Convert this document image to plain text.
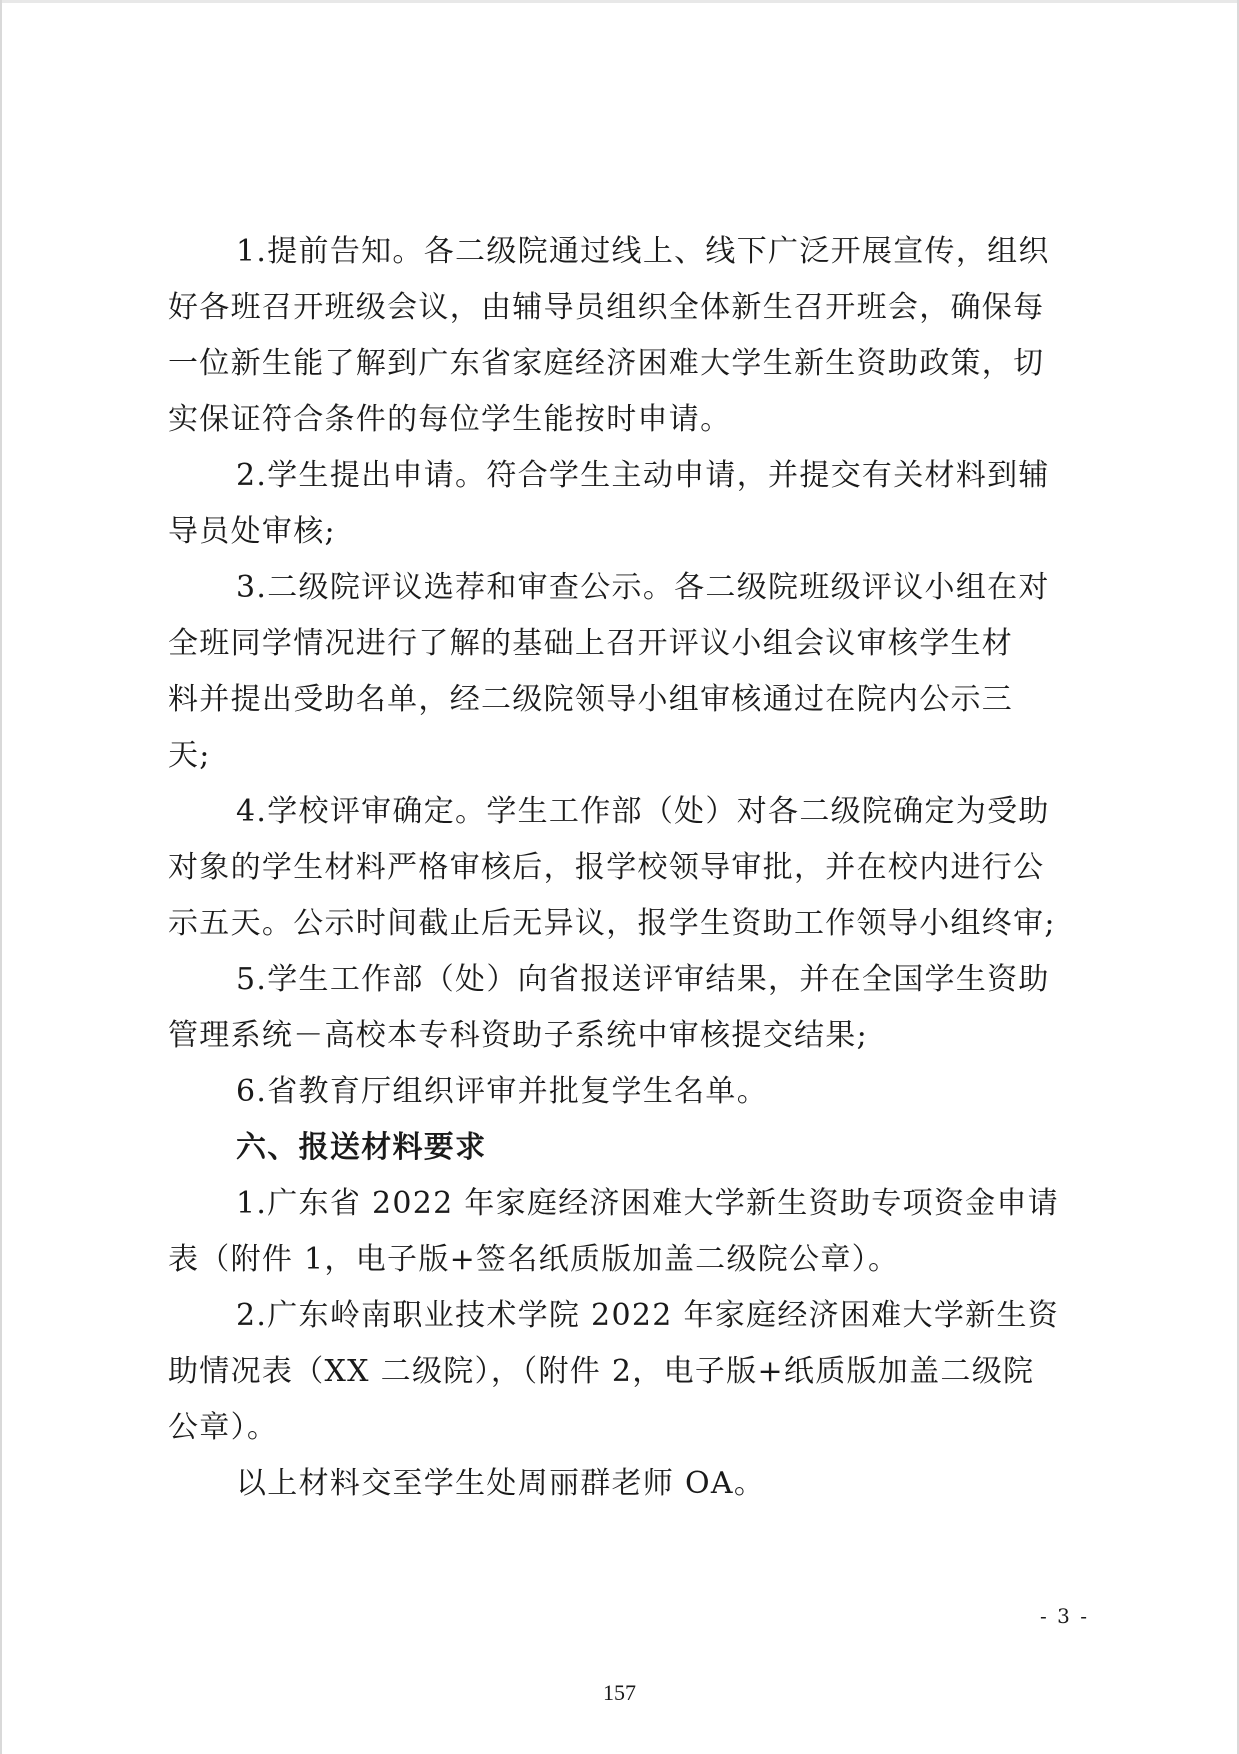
1.提前告知。各二级院通过线上、线下广泛开展宣传，组织
好各班召开班级会议，由辅导员组织全体新生召开班会，确保每
一位新生能了解到广东省家庭经济困难大学生新生资助政策，切
实保证符合条件的每位学生能按时申请。
2.学生提出申请。符合学生主动申请，并提交有关材料到辅
导员处审核;
3.二级院评议选荐和审查公示。各二级院班级评议小组在对
全班同学情况进行了解的基础上召开评议小组会议审核学生材
料并提出受助名单，经二级院领导小组审核通过在院内公示三
天;
4.学校评审确定。学生工作部（处）对各二级院确定为受助
对象的学生材料严格审核后，报学校领导审批，并在校内进行公
示五天。公示时间截止后无异议，报学生资助工作领导小组终审;
5.学生工作部（处）向省报送评审结果，并在全国学生资助
管理系统－高校本专科资助子系统中审核提交结果;
6.省教育厅组织评审并批复学生名单。
六、报送材料要求
1.广东省 2022 年家庭经济困难大学新生资助专项资金申请
表（附件 1，电子版+签名纸质版加盖二级院公章）。
2.广东岭南职业技术学院 2022 年家庭经济困难大学新生资
助情况表（XX 二级院），（附件 2，电子版+纸质版加盖二级院
公章）。
以上材料交至学生处周丽群老师 OA。
- 3 -
157
